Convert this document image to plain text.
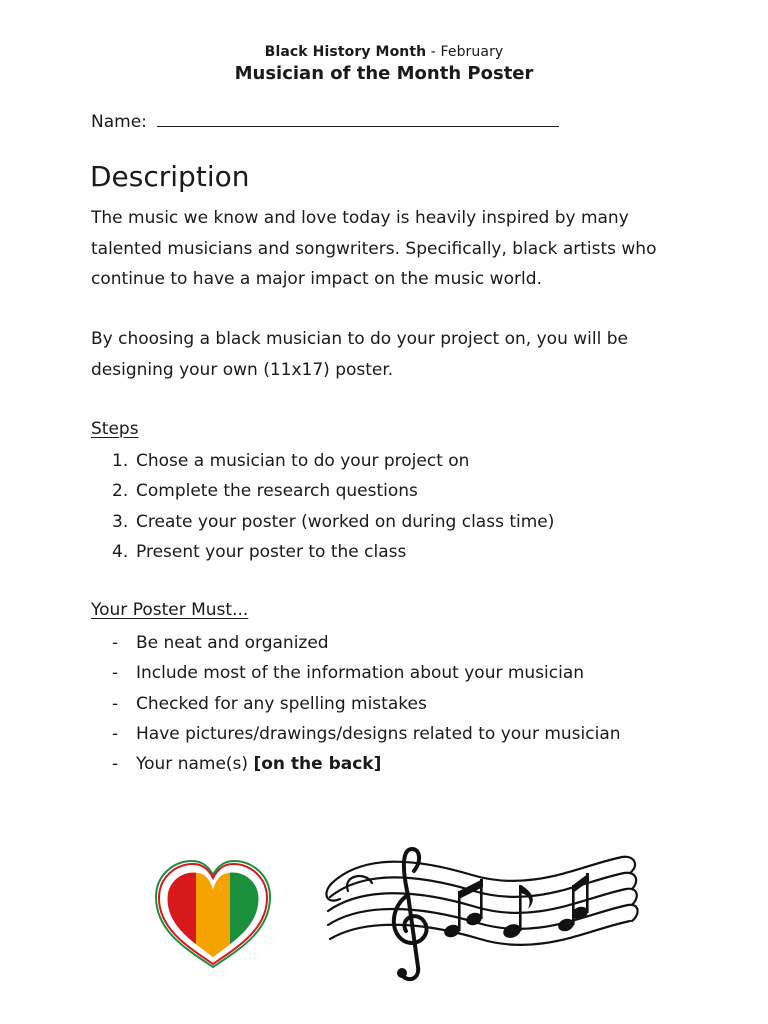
Black History Month - February
Musician of the Month Poster
Name:
Description
The music we know and love today is heavily inspired by many talented musicians and songwriters. Specifically, black artists who continue to have a major impact on the music world.
By choosing a black musician to do your project on, you will be designing your own (11x17) poster.
Steps
1. Chose a musician to do your project on
2. Complete the research questions
3. Create your poster (worked on during class time)
4. Present your poster to the class
Your Poster Must...
-	Be neat and organized
-	Include most of the information about your musician
-	Checked for any spelling mistakes
-	Have pictures/drawings/designs related to your musician
-	Your name(s) [on the back]
